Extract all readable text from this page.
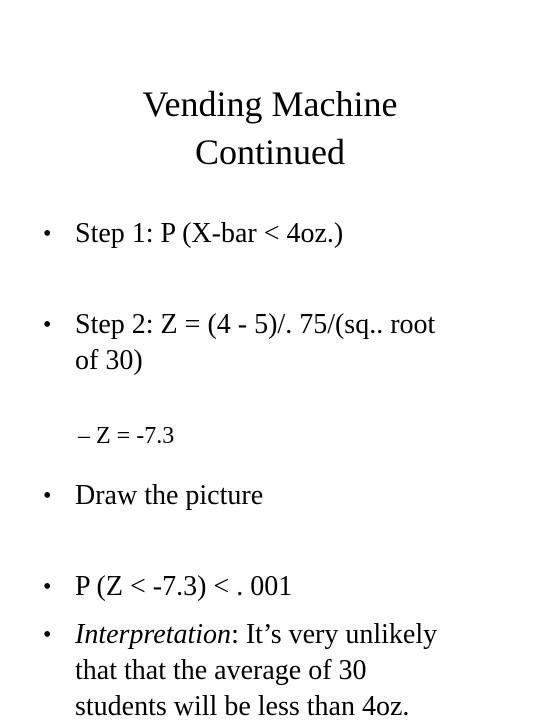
Vending Machine
Continued
• Step 1: P (X-bar < 4oz.)
• Step 2: Z = (4 - 5)/. 75/(sq.. root
of 30)
– Z = -7.3
• Draw the picture
• P (Z < -7.3) < . 001
• Interpretation: It’s very unlikely
that that the average of 30
students will be less than 4oz.
